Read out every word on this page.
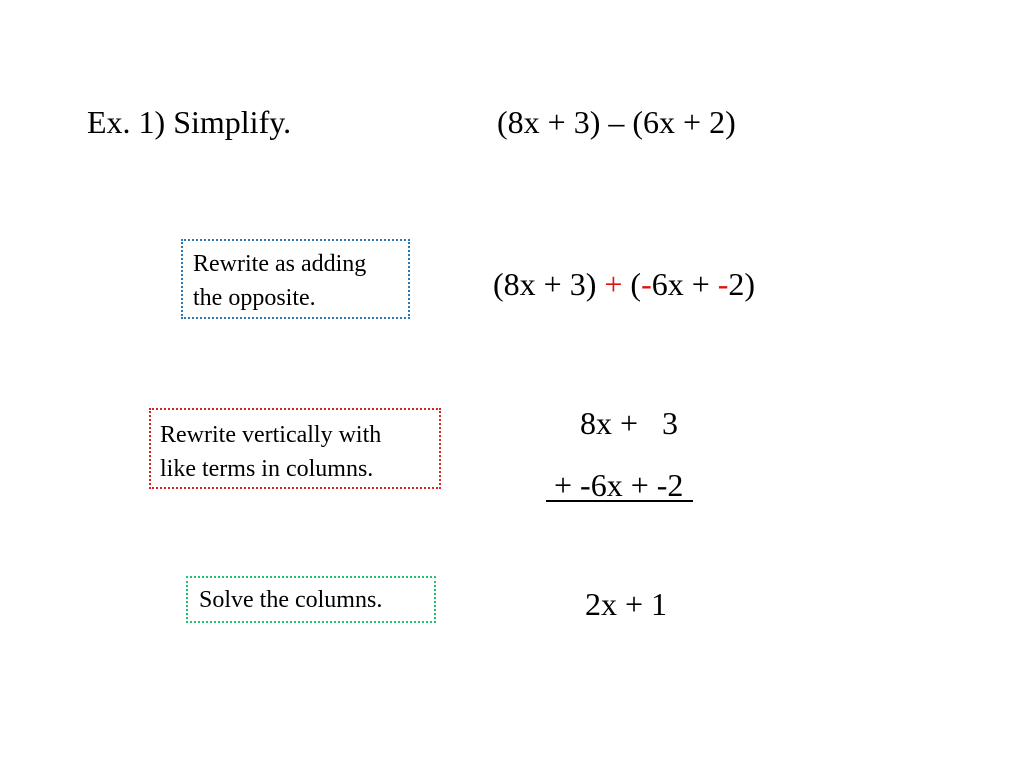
Ex. 1) Simplify.	(8x + 3) – (6x + 2)
Rewrite as adding
the opposite.	(8x + 3) + (-6x + -2)
Rewrite vertically with
like terms in columns.
8x +   3
+ -6x + -2
Solve the columns.	2x + 1
